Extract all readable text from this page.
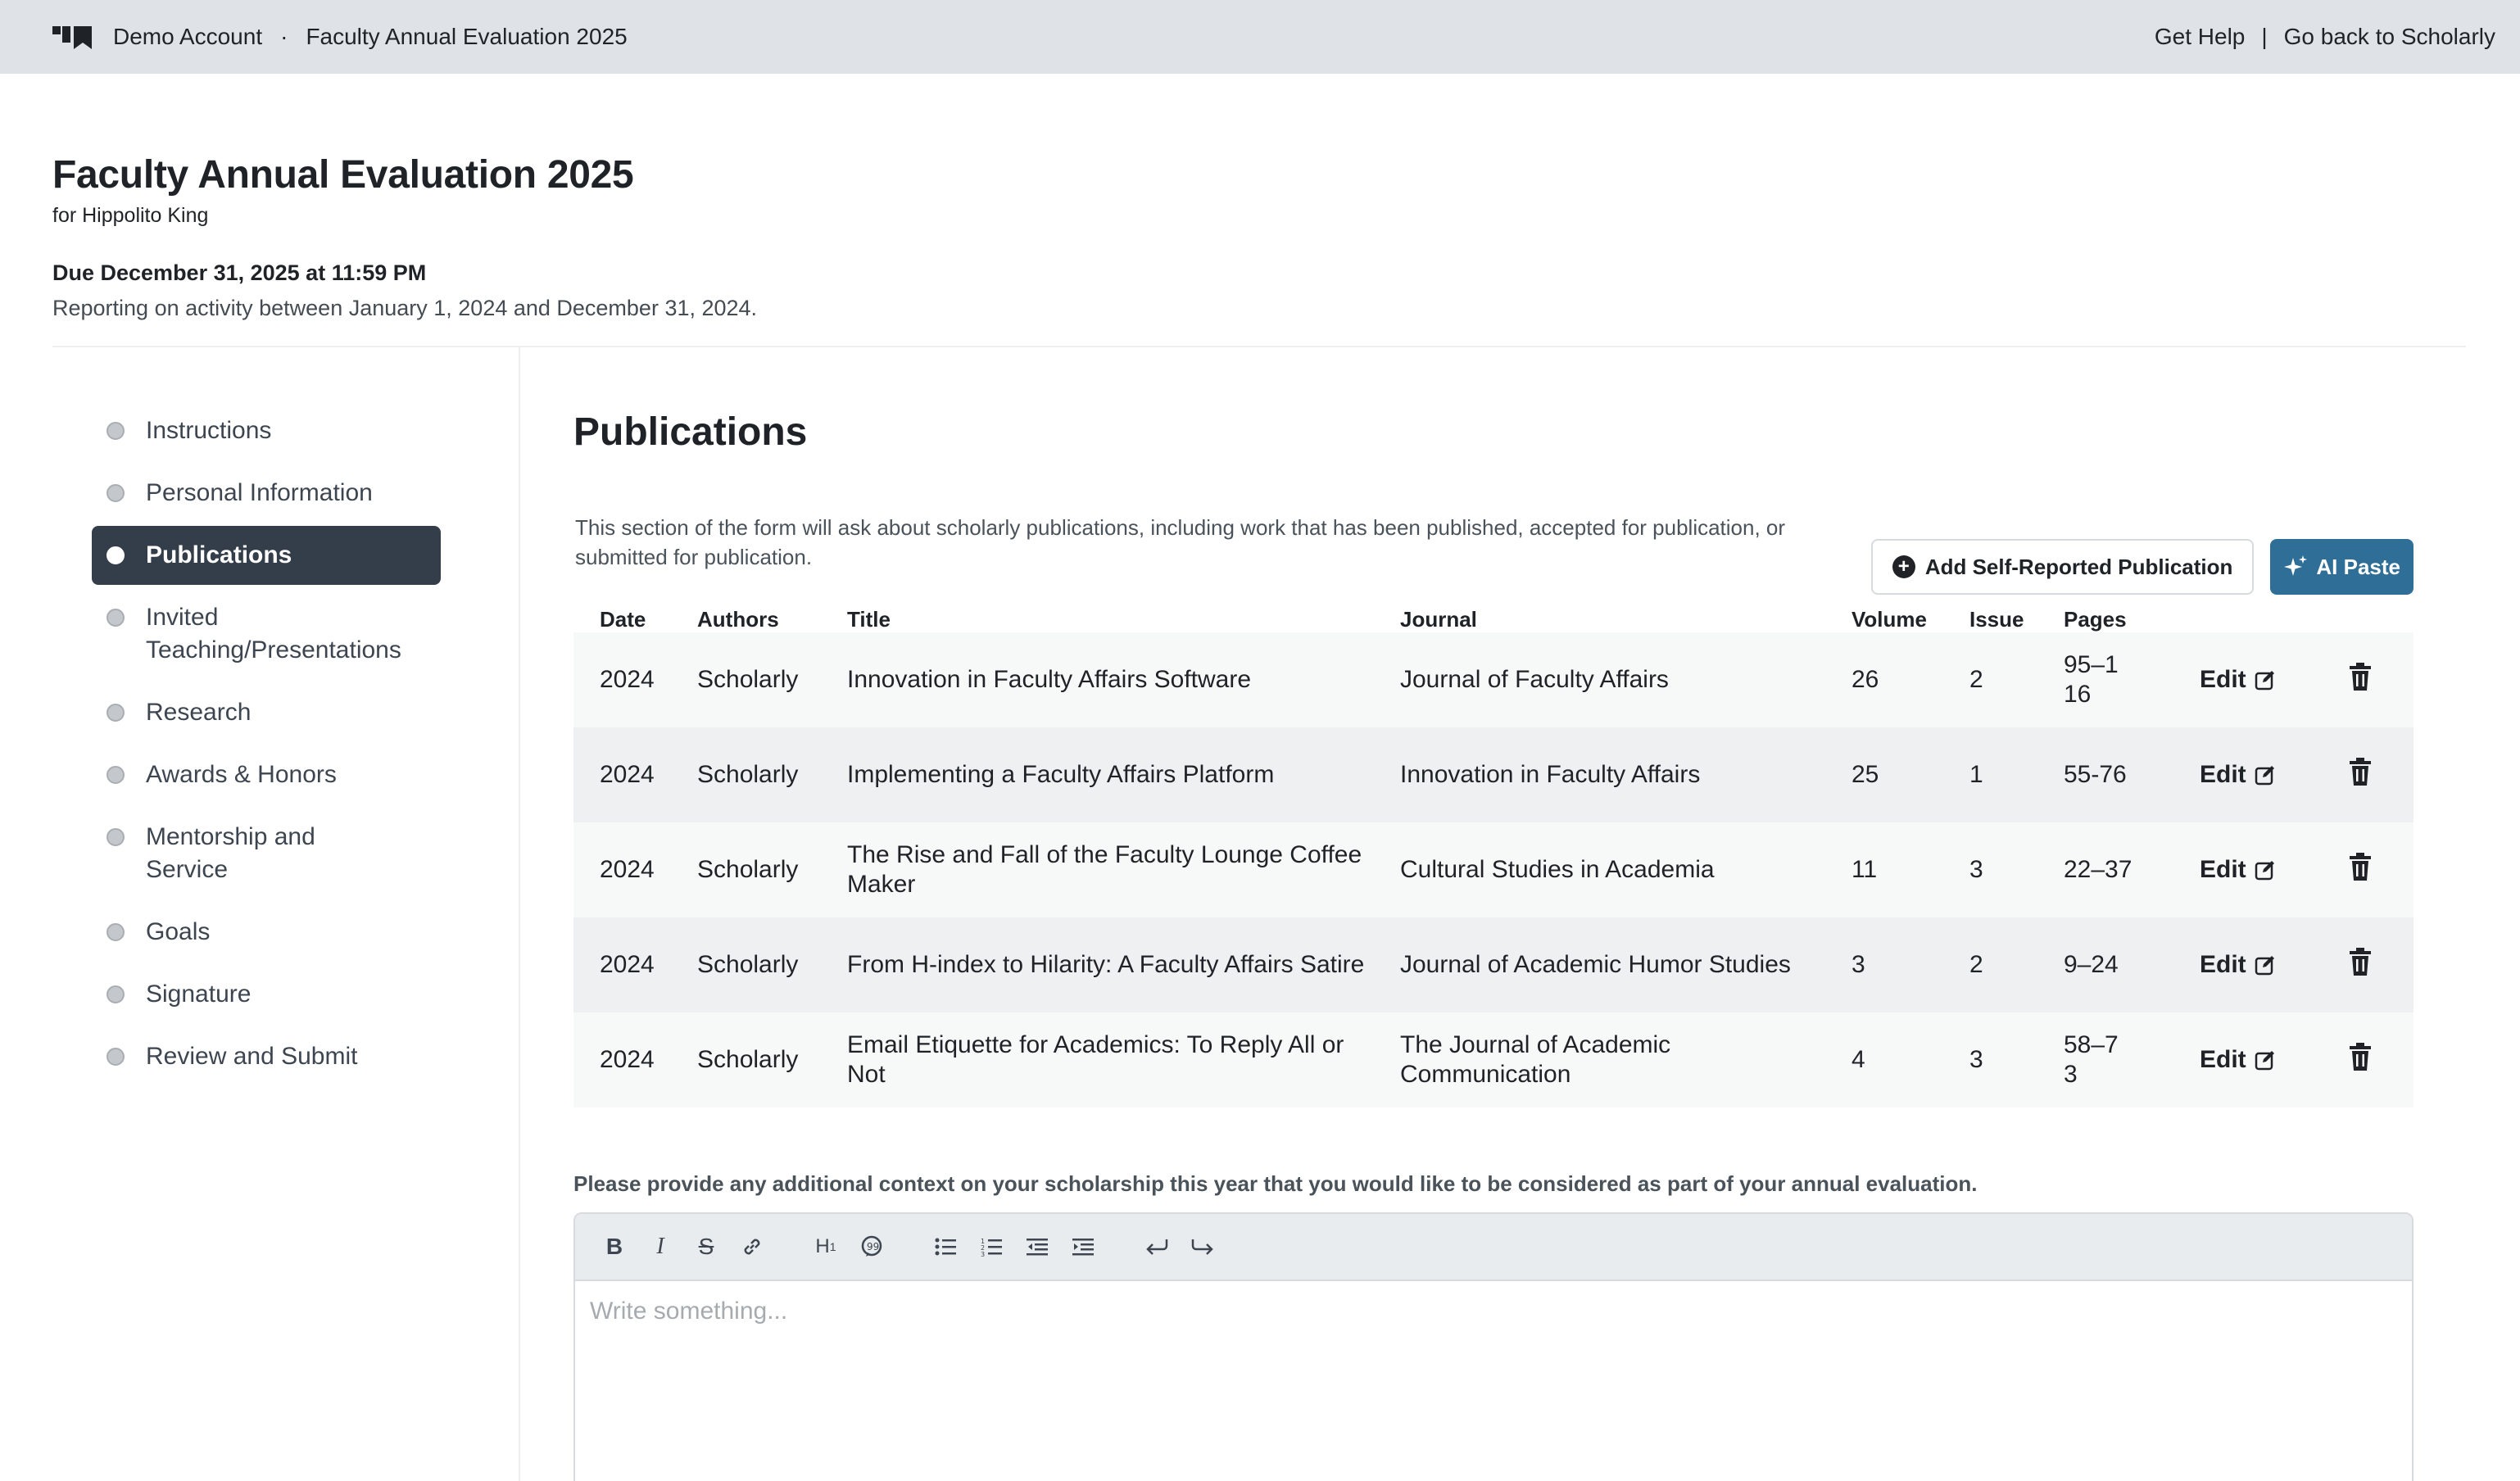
Demo Account · Faculty Annual Evaluation 2025	Get Help | Go back to Scholarly
Faculty Annual Evaluation 2025
for Hippolito King
Due December 31, 2025 at 11:59 PM
Reporting on activity between January 1, 2024 and December 31, 2024.
Instructions
Personal Information
Publications
Invited Teaching/Presentations
Research
Awards & Honors
Mentorship and Service
Goals
Signature
Review and Submit
Publications

This section of the form will ask about scholarly publications, including work that has been published, accepted for publication, or submitted for publication.	+ Add Self-Reported Publication	AI Paste
Date	Authors	Title	Journal	Volume	Issue	Pages		
2024	Scholarly	Innovation in Faculty Affairs Software	Journal of Faculty Affairs	26	2	95–116	Edit

2024	Scholarly	Implementing a Faculty Affairs Platform	Innovation in Faculty Affairs	25	1	55-76	Edit

2024	Scholarly	The Rise and Fall of the Faculty Lounge Coffee Maker	Cultural Studies in Academia	11	3	22–37	Edit

2024	Scholarly	From H-index to Hilarity: A Faculty Affairs Satire	Journal of Academic Humor Studies	3	2	9–24	Edit

2024	Scholarly	Email Etiquette for Academics: To Reply All or Not	The Journal of Academic Communication	4	3	58–73	Edit

Please provide any additional context on your scholarship this year that you would like to be considered as part of your annual evaluation.

B	I	S	H 1	99	1
2
3
Write something...
